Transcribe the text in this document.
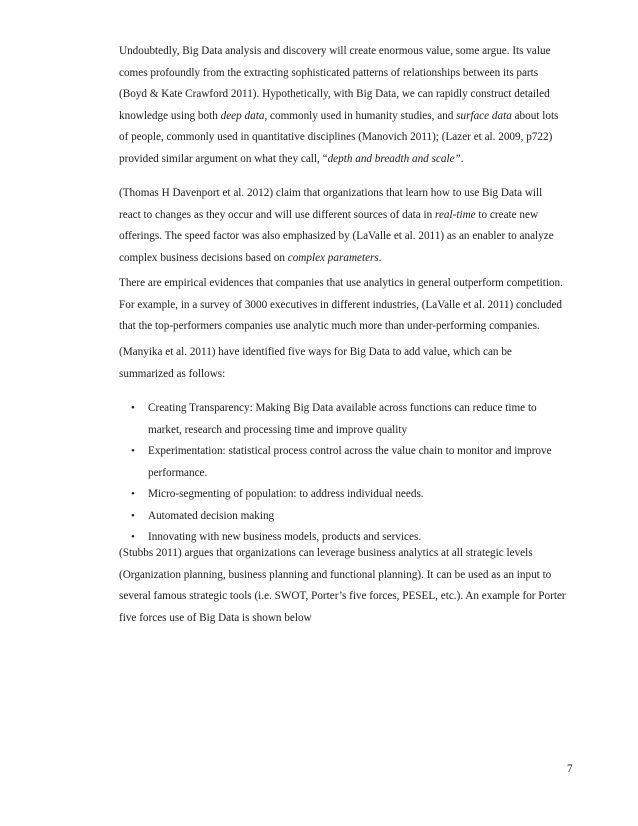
Undoubtedly, Big Data analysis and discovery will create enormous value, some argue. Its value
comes profoundly from the extracting sophisticated patterns of relationships between its parts
(Boyd & Kate Crawford 2011). Hypothetically, with Big Data, we can rapidly construct detailed
knowledge using both deep data, commonly used in humanity studies, and surface data about lots
of people, commonly used in quantitative disciplines (Manovich 2011); (Lazer et al. 2009, p722)
provided similar argument on what they call, “depth and breadth and scale”.

(Thomas H Davenport et al. 2012) claim that organizations that learn how to use Big Data will
react to changes as they occur and will use different sources of data in real-time to create new
offerings. The speed factor was also emphasized by (LaValle et al. 2011) as an enabler to analyze
complex business decisions based on complex parameters.

There are empirical evidences that companies that use analytics in general outperform competition.
For example, in a survey of 3000 executives in different industries, (LaValle et al. 2011) concluded
that the top-performers companies use analytic much more than under-performing companies.

(Manyika et al. 2011) have identified five ways for Big Data to add value, which can be
summarized as follows:

• Creating Transparency: Making Big Data available across functions can reduce time to
market, research and processing time and improve quality
• Experimentation: statistical process control across the value chain to monitor and improve
performance.
• Micro-segmenting of population: to address individual needs.
• Automated decision making
• Innovating with new business models, products and services.

(Stubbs 2011) argues that organizations can leverage business analytics at all strategic levels
(Organization planning, business planning and functional planning). It can be used as an input to
several famous strategic tools (i.e. SWOT, Porter’s five forces, PESEL, etc.). An example for Porter
five forces use of Big Data is shown below

7
